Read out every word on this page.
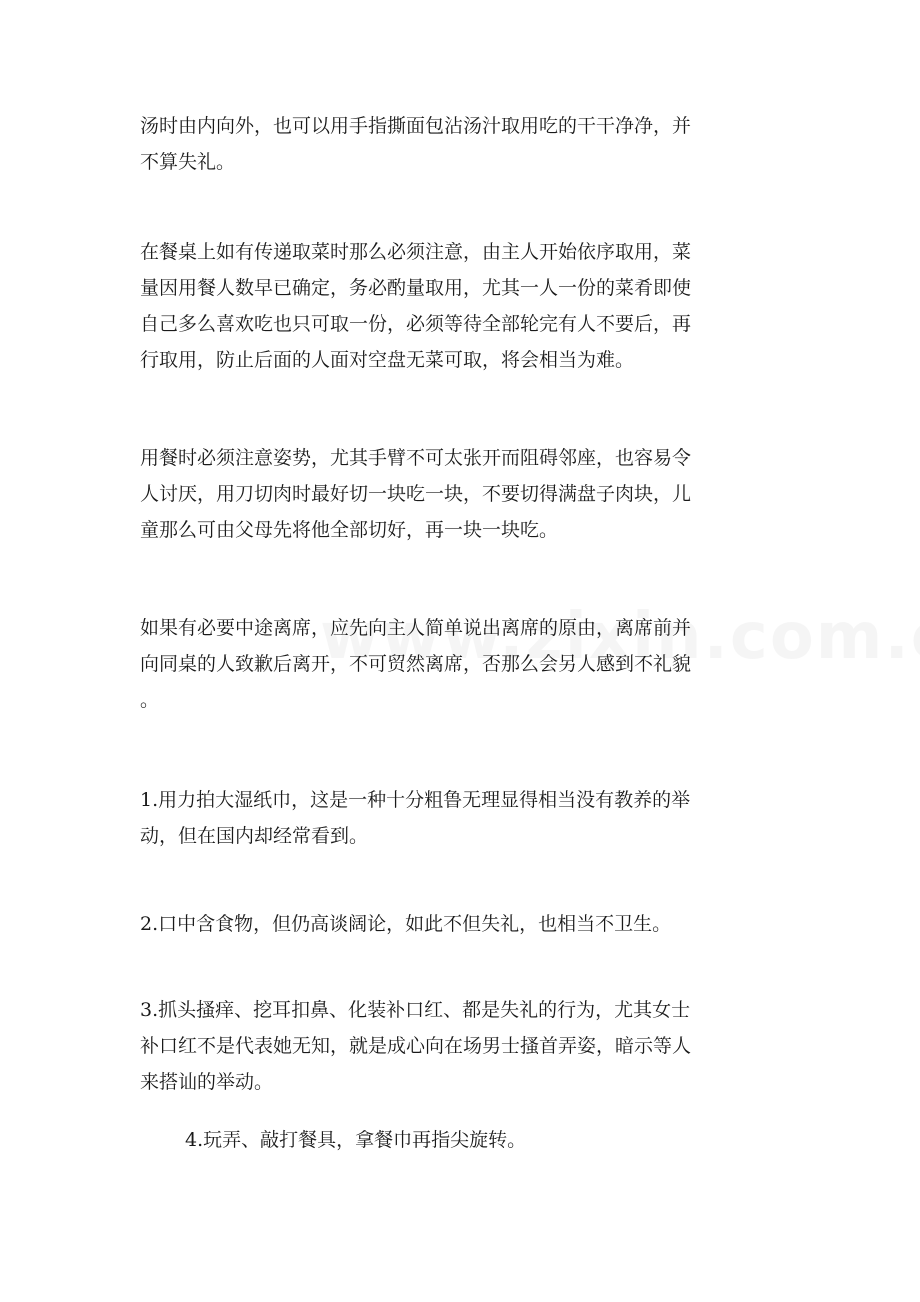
汤时由内向外，也可以用手指撕面包沾汤汁取用吃的干干净净，并
不算失礼。

在餐桌上如有传递取菜时那么必须注意，由主人开始依序取用，菜
量因用餐人数早已确定，务必酌量取用，尤其一人一份的菜肴即使
自己多么喜欢吃也只可取一份，必须等待全部轮完有人不要后，再
行取用，防止后面的人面对空盘无菜可取，将会相当为难。

用餐时必须注意姿势，尤其手臂不可太张开而阻碍邻座，也容易令
人讨厌，用刀切肉时最好切一块吃一块，不要切得满盘子肉块，儿
童那么可由父母先将他全部切好，再一块一块吃。

如果有必要中途离席，应先向主人简单说出离席的原由，离席前并
向同桌的人致歉后离开，不可贸然离席，否那么会另人感到不礼貌
。

1.用力拍大湿纸巾，这是一种十分粗鲁无理显得相当没有教养的举
动，但在国内却经常看到。

2.口中含食物，但仍高谈阔论，如此不但失礼，也相当不卫生。

3.抓头搔痒、挖耳扣鼻、化装补口红、都是失礼的行为，尤其女士
补口红不是代表她无知，就是成心向在场男士搔首弄姿，暗示等人
来搭讪的举动。

4.玩弄、敲打餐具，拿餐巾再指尖旋转。
